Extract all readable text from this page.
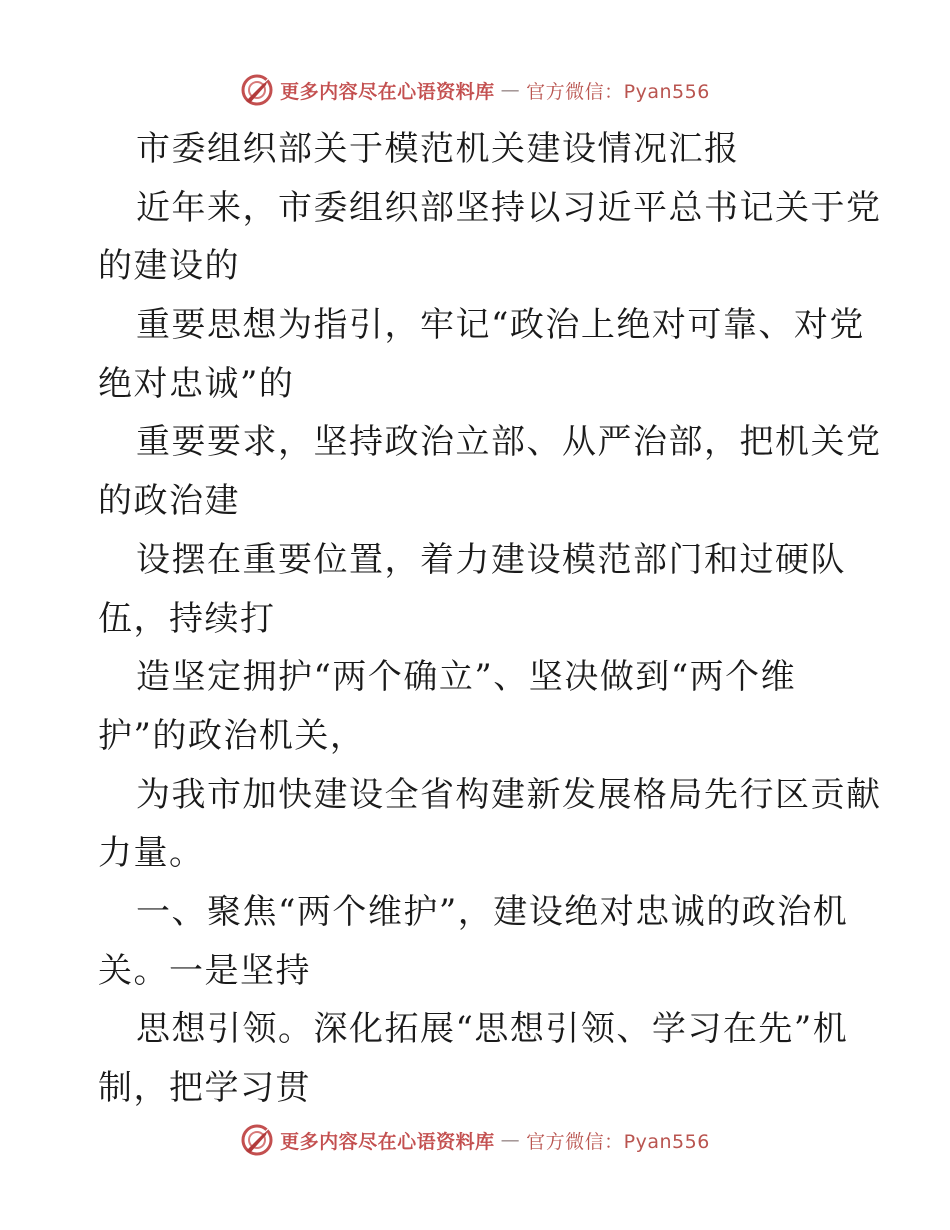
更多内容尽在心语资料库 — 官方微信：Pyan556
市委组织部关于模范机关建设情况汇报
近年来，市委组织部坚持以习近平总书记关于党
的建设的
重要思想为指引，牢记“政治上绝对可靠、对党
绝对忠诚”的
重要要求，坚持政治立部、从严治部，把机关党
的政治建
设摆在重要位置，着力建设模范部门和过硬队
伍，持续打
造坚定拥护“两个确立”、坚决做到“两个维
护”的政治机关，
为我市加快建设全省构建新发展格局先行区贡献
力量。
一、聚焦“两个维护”，建设绝对忠诚的政治机
关。一是坚持
思想引领。深化拓展“思想引领、学习在先”机
制，把学习贯
更多内容尽在心语资料库 — 官方微信：Pyan556
